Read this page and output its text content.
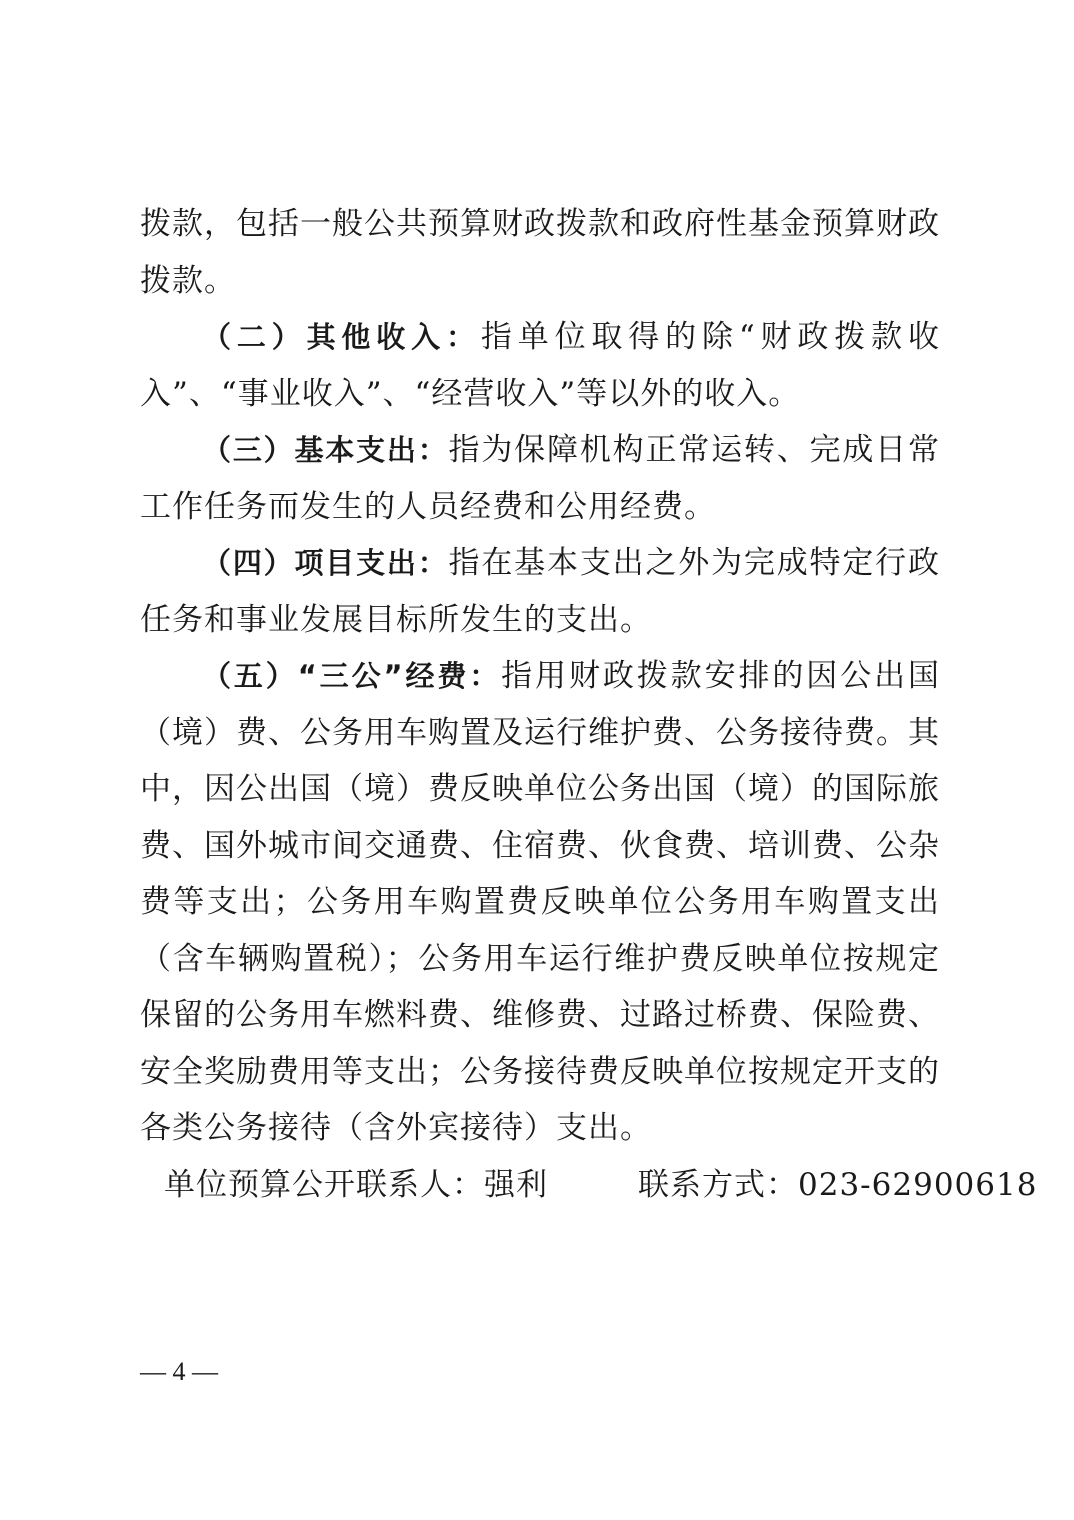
拨款，包括一般公共预算财政拨款和政府性基金预算财政拨款。

（二）其他收入：指单位取得的除“财政拨款收入”、“事业收入”、“经营收入”等以外的收入。

（三）基本支出：指为保障机构正常运转、完成日常工作任务而发生的人员经费和公用经费。

（四）项目支出：指在基本支出之外为完成特定行政任务和事业发展目标所发生的支出。

（五）“三公”经费：指用财政拨款安排的因公出国（境）费、公务用车购置及运行维护费、公务接待费。其中，因公出国（境）费反映单位公务出国（境）的国际旅费、国外城市间交通费、住宿费、伙食费、培训费、公杂费等支出；公务用车购置费反映单位公务用车购置支出（含车辆购置税）；公务用车运行维护费反映单位按规定保留的公务用车燃料费、维修费、过路过桥费、保险费、安全奖励费用等支出；公务接待费反映单位按规定开支的各类公务接待（含外宾接待）支出。

单位预算公开联系人：强利	联系方式：023-62900618

— 4 —
